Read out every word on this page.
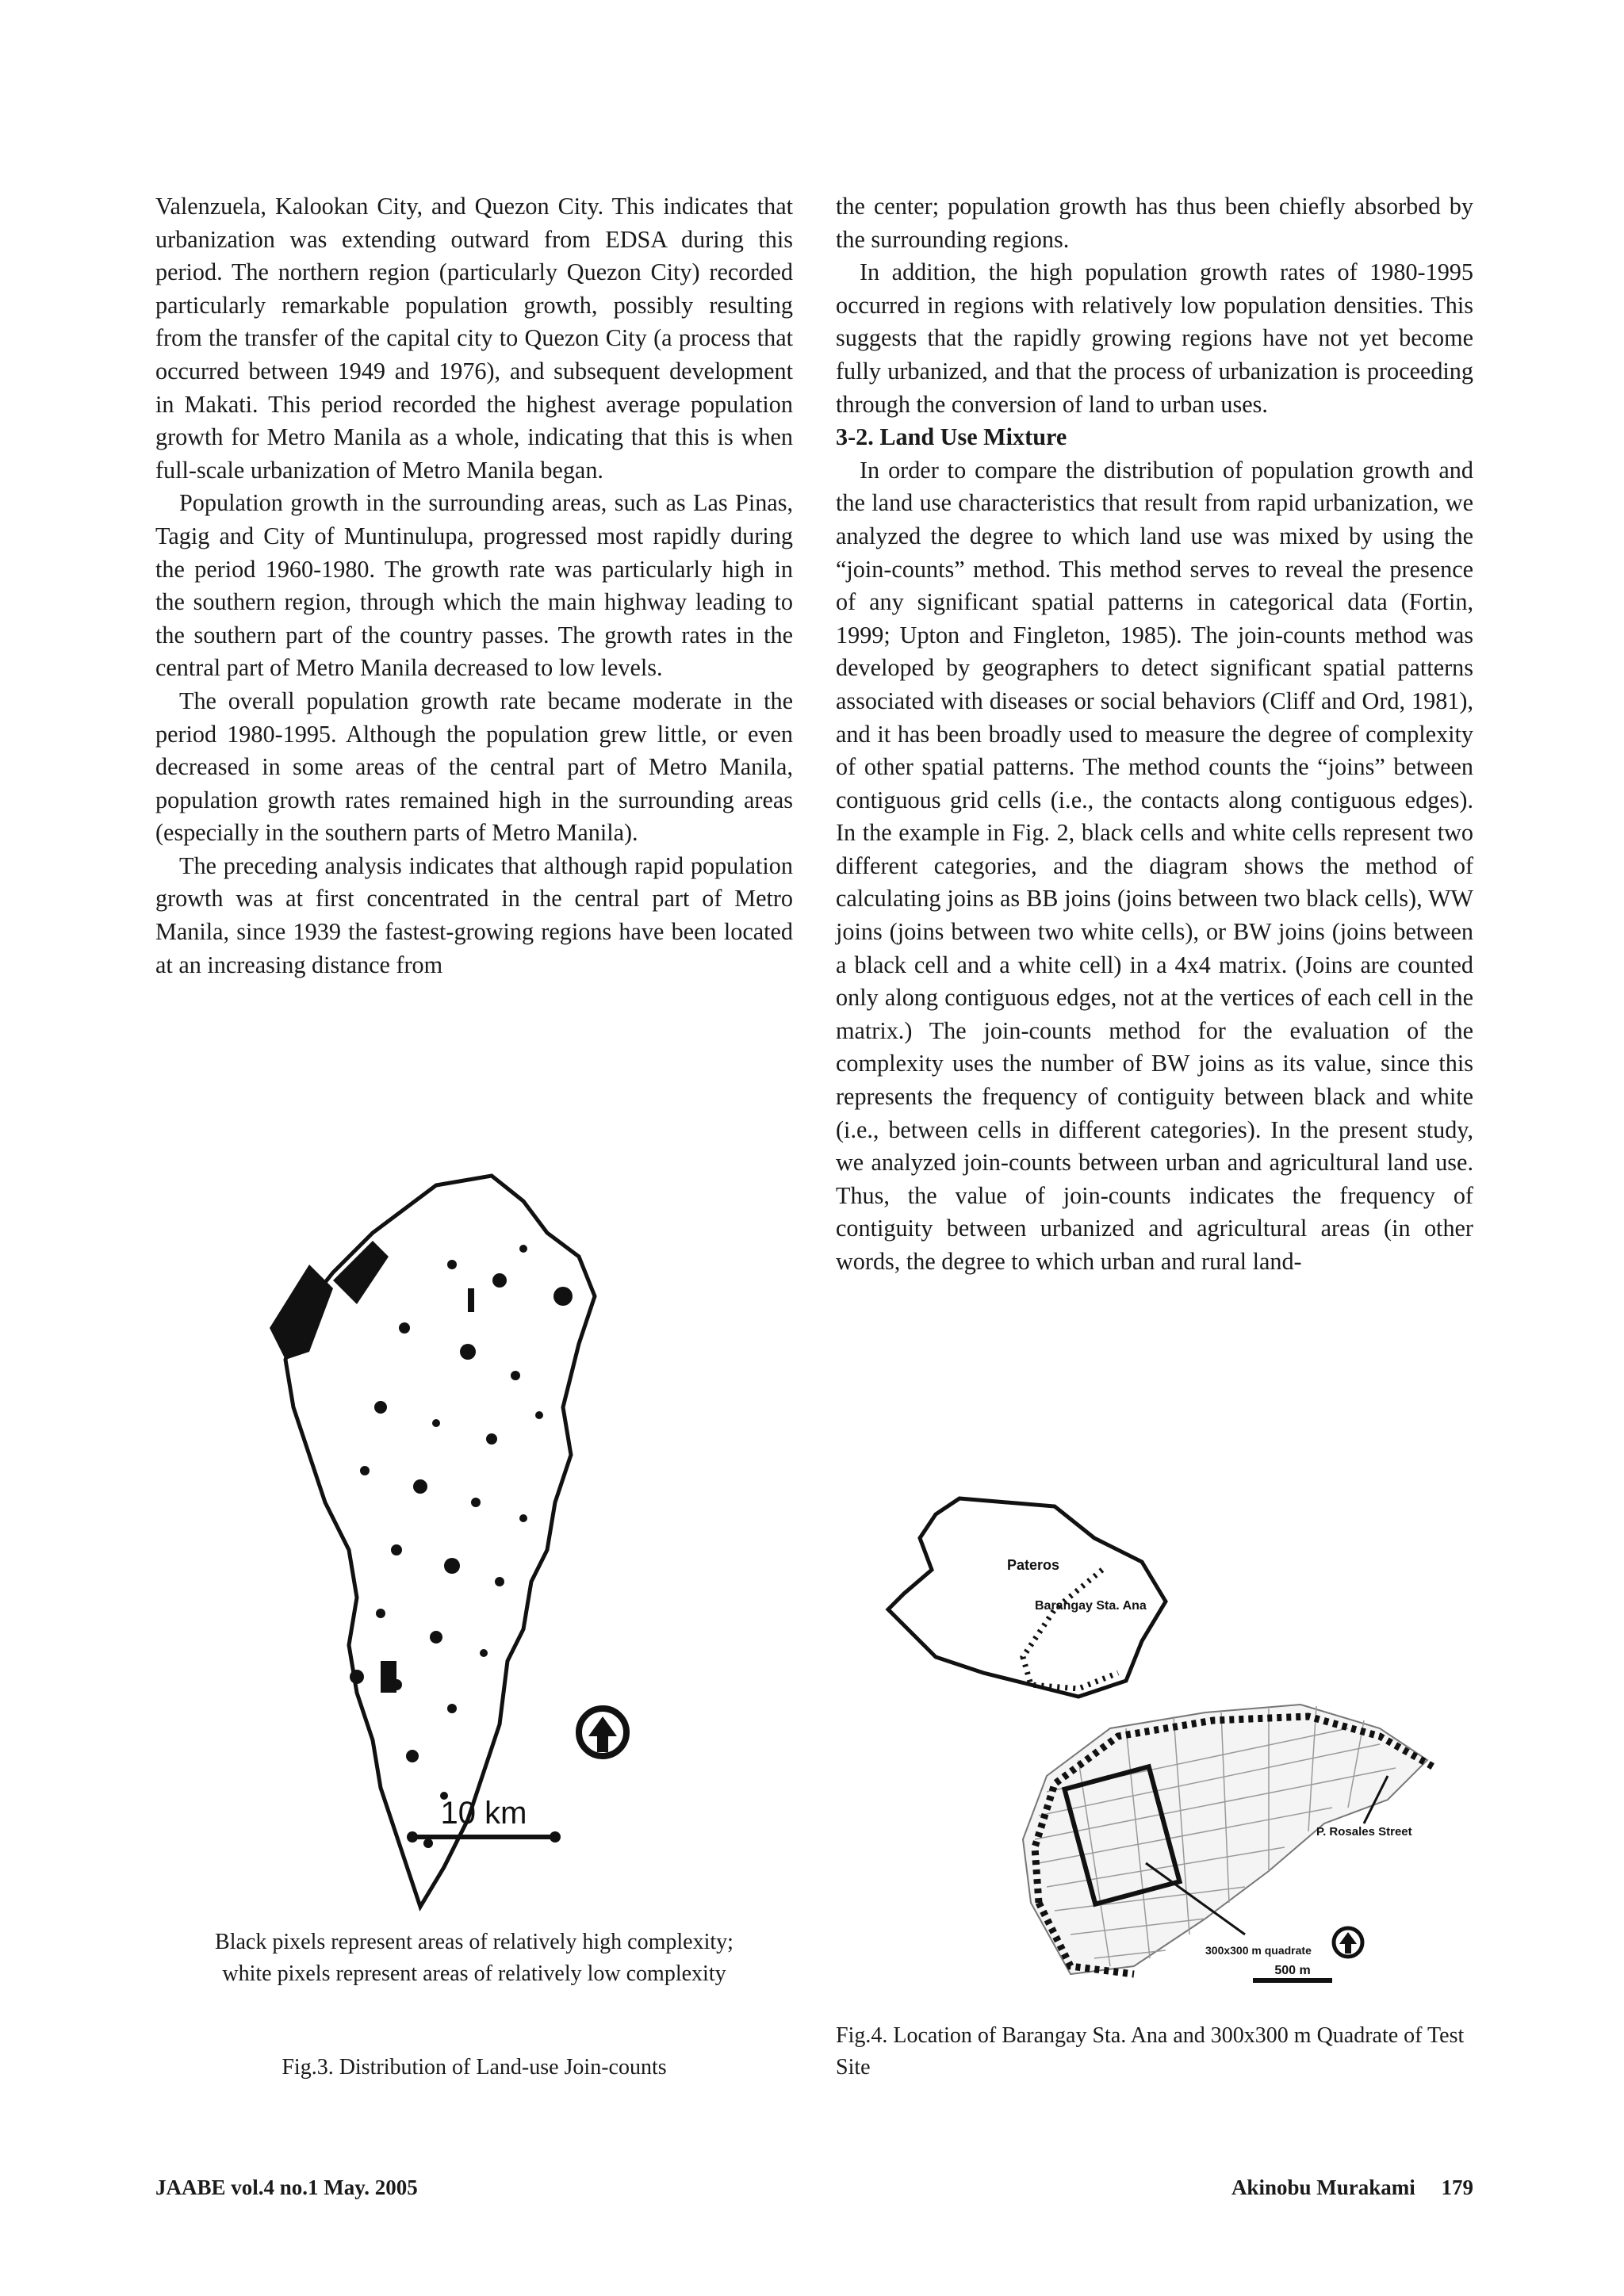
Valenzuela, Kalookan City, and Quezon City. This indicates that urbanization was extending outward from EDSA during this period. The northern region (particularly Quezon City) recorded particularly remarkable population growth, possibly resulting from the transfer of the capital city to Quezon City (a process that occurred between 1949 and 1976), and subsequent development in Makati. This period recorded the highest average population growth for Metro Manila as a whole, indicating that this is when full-scale urbanization of Metro Manila began.

Population growth in the surrounding areas, such as Las Pinas, Tagig and City of Muntinulupa, progressed most rapidly during the period 1960-1980. The growth rate was particularly high in the southern region, through which the main highway leading to the southern part of the country passes. The growth rates in the central part of Metro Manila decreased to low levels.

The overall population growth rate became moderate in the period 1980-1995. Although the population grew little, or even decreased in some areas of the central part of Metro Manila, population growth rates remained high in the surrounding areas (especially in the southern parts of Metro Manila).

The preceding analysis indicates that although rapid population growth was at first concentrated in the central part of Metro Manila, since 1939 the fastest-growing regions have been located at an increasing distance from

the center; population growth has thus been chiefly absorbed by the surrounding regions.

In addition, the high population growth rates of 1980-1995 occurred in regions with relatively low population densities. This suggests that the rapidly growing regions have not yet become fully urbanized, and that the process of urbanization is proceeding through the conversion of land to urban uses.

3-2. Land Use Mixture

In order to compare the distribution of population growth and the land use characteristics that result from rapid urbanization, we analyzed the degree to which land use was mixed by using the “join-counts” method. This method serves to reveal the presence of any significant spatial patterns in categorical data (Fortin, 1999; Upton and Fingleton, 1985). The join-counts method was developed by geographers to detect significant spatial patterns associated with diseases or social behaviors (Cliff and Ord, 1981), and it has been broadly used to measure the degree of complexity of other spatial patterns. The method counts the “joins” between contiguous grid cells (i.e., the contacts along contiguous edges). In the example in Fig. 2, black cells and white cells represent two different categories, and the diagram shows the method of calculating joins as BB joins (joins between two black cells), WW joins (joins between two white cells), or BW joins (joins between a black cell and a white cell) in a 4x4 matrix. (Joins are counted only along contiguous edges, not at the vertices of each cell in the matrix.) The join-counts method for the evaluation of the complexity uses the number of BW joins as its value, since this represents the frequency of contiguity between black and white (i.e., between cells in different categories). In the present study, we analyzed join-counts between urban and agricultural land use. Thus, the value of join-counts indicates the frequency of contiguity between urbanized and agricultural areas (in other words, the degree to which urban and rural land-

10 km
Black pixels represent areas of relatively high complexity;
white pixels represent areas of relatively low complexity
Fig.3. Distribution of Land-use Join-counts
Pateros
Barangay Sta. Ana
300x300 m quadrate
P. Rosales Street
500 m
Fig.4. Location of Barangay Sta. Ana and 300x300 m Quadrate of Test Site
JAABE vol.4 no.1 May. 2005	Akinobu Murakami 179
